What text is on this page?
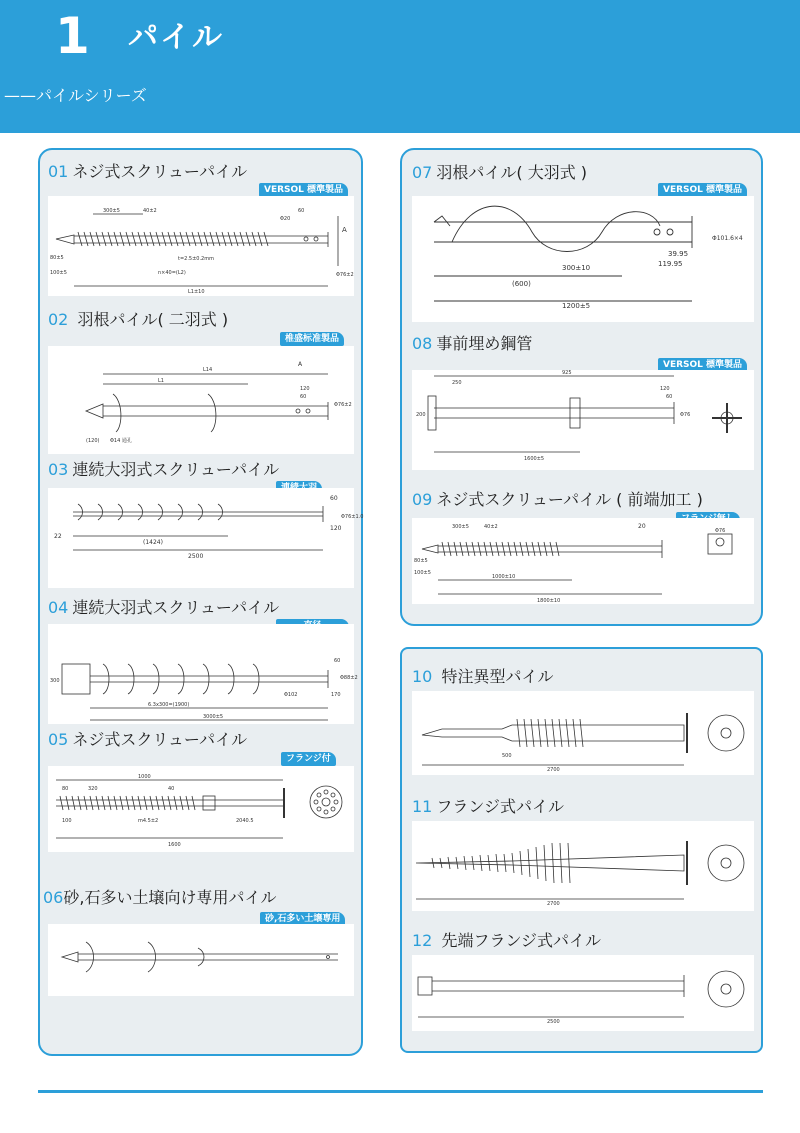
1 パイル
——パイルシリーズ
01 ネジ式スクリューパイル
VERSOL 標準製品
300±5	40±2	60
Φ20
A
L1±10
n×40=(L2)
100±5	Φ76±2
t=2.5±0.2mm
80±5
02 羽根パイル( 二羽式 )
椎盛标准製品
L14
L1
120
60
Φ76±2
A
(120) Φ14 通孔
03 連続大羽式スクリューパイル
60
120
Φ76±1.0
22
(1424)
2500
04 連続大羽式スクリューパイル
60
300
170
6.3x300=(1900)
3000±5
Φ102
Φ88±2
05 ネジ式スクリューパイル
フランジ付
1000
320	40
80
100	m4.5±2
1600
2040.5
06砂,石多い土壌向け専用パイル
砂,石多い土壌専用
07 羽根パイル( 大羽式 )
VERSOL 標準製品
300±10
(600)
1200±5
39.95
119.95
Φ101.6×4
08 事前埋め鋼管
VERSOL 標準製品
925
250
120
60
200
1600±5
Φ76
09 ネジ式スクリューパイル ( 前端加工 )
300±5	40±2	20
1000±10
1800±10
100±5
80±5
Φ76
10 特注異型パイル
2700
500
11 フランジ式パイル
2700
12 先端フランジ式パイル
2500
